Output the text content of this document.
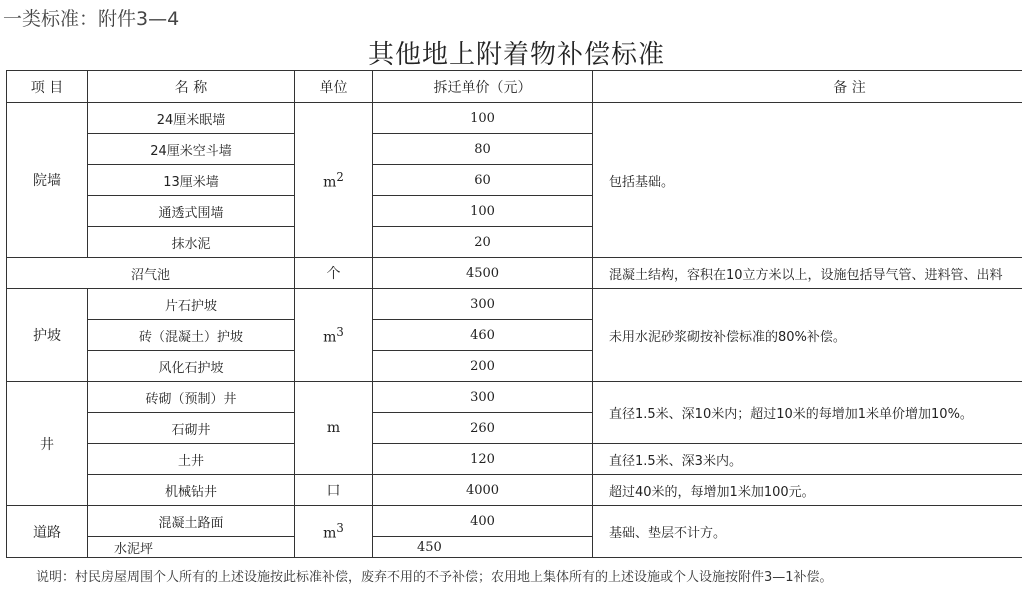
一类标准：附件3—4
其他地上附着物补偿标准
项 目	名 称	单位	拆迁单价（元）	备 注
院墙	24厘米眠墙	$m^2$	100	包括基础。
	24厘米空斗墙		80	
	13厘米墙		60	
	通透式围墙		100	
	抹水泥		20	
沼气池		个	4500	混凝土结构，容积在10立方米以上，设施包括导气管、进料管、出料
护坡	片石护坡	$m^3$	300	未用水泥砂浆砌按补偿标准的80%补偿。
	砖（混凝土）护坡		460	
	风化石护坡		200	
井	砖砌（预制）井	m	300	直径1.5米、深10米内；超过10米的每增加1米单价增加10%。
	石砌井		260	
	土井		120	直径1.5米、深3米内。
	机械钻井	口	4000	超过40米的，每增加1米加100元。
道路	混凝土路面	$m^3$	400	基础、垫层不计方。
	水泥坪		450	
说明：村民房屋周围个人所有的上述设施按此标准补偿，废弃不用的不予补偿；农用地上集体所有的上述设施或个人设施按附件3—1补偿。
